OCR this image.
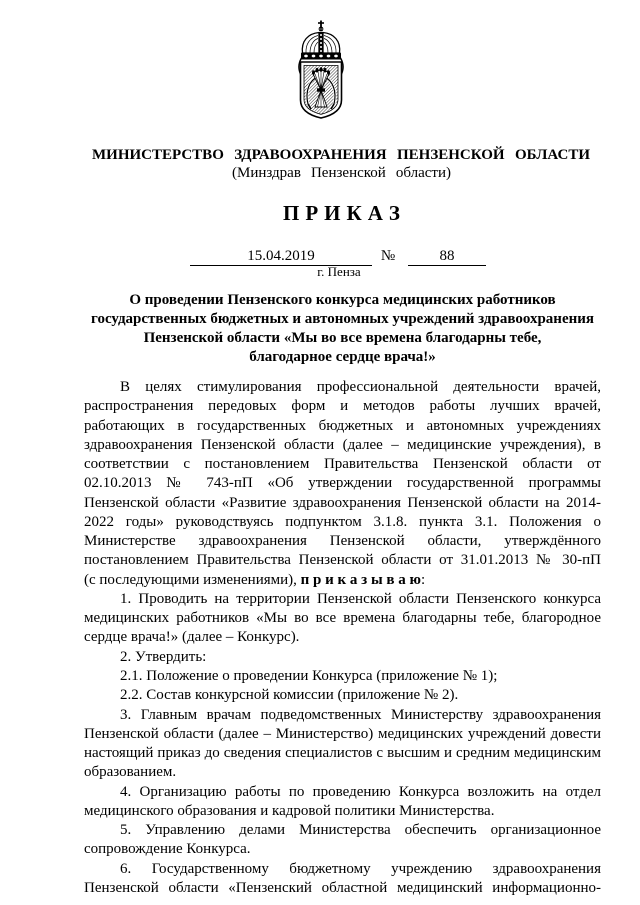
МИНИСТЕРСТВО ЗДРАВООХРАНЕНИЯ ПЕНЗЕНСКОЙ ОБЛАСТИ
(Минздрав Пензенской области)
П Р И К А З
15.04.2019	№	88
г. Пенза
О проведении Пензенского конкурса медицинских работников
государственных бюджетных и автономных учреждений здравоохранения
Пензенской области «Мы во все времена благодарны тебе,
благодарное сердце врача!»
В целях стимулирования профессиональной деятельности врачей,
распространения передовых форм и методов работы лучших врачей,
работающих в государственных бюджетных и автономных учреждениях
здравоохранения Пензенской области (далее – медицинские учреждения), в
соответствии с постановлением Правительства Пензенской области от
02.10.2013 № 743-пП «Об утверждении государственной программы
Пензенской области «Развитие здравоохранения Пензенской области на 2014-
2022 годы» руководствуясь подпунктом 3.1.8. пункта 3.1. Положения о
Министерстве здравоохранения Пензенской области, утверждённого
постановлением Правительства Пензенской области от 31.01.2013 № 30-пП
(с последующими изменениями), п р и к а з ы в а ю:
1. Проводить на территории Пензенской области Пензенского конкурса
медицинских работников «Мы во все времена благодарны тебе, благородное
сердце врача!» (далее – Конкурс).
2. Утвердить:
2.1. Положение о проведении Конкурса (приложение № 1);
2.2. Состав конкурсной комиссии (приложение № 2).
3. Главным врачам подведомственных Министерству здравоохранения
Пензенской области (далее – Министерство) медицинских учреждений довести
настоящий приказ до сведения специалистов с высшим и средним медицинским
образованием.
4. Организацию работы по проведению Конкурса возложить на отдел
медицинского образования и кадровой политики Министерства.
5. Управлению делами Министерства обеспечить организационное
сопровождение Конкурса.
6. Государственному бюджетному учреждению здравоохранения
Пензенской области «Пензенский областной медицинский информационно-
